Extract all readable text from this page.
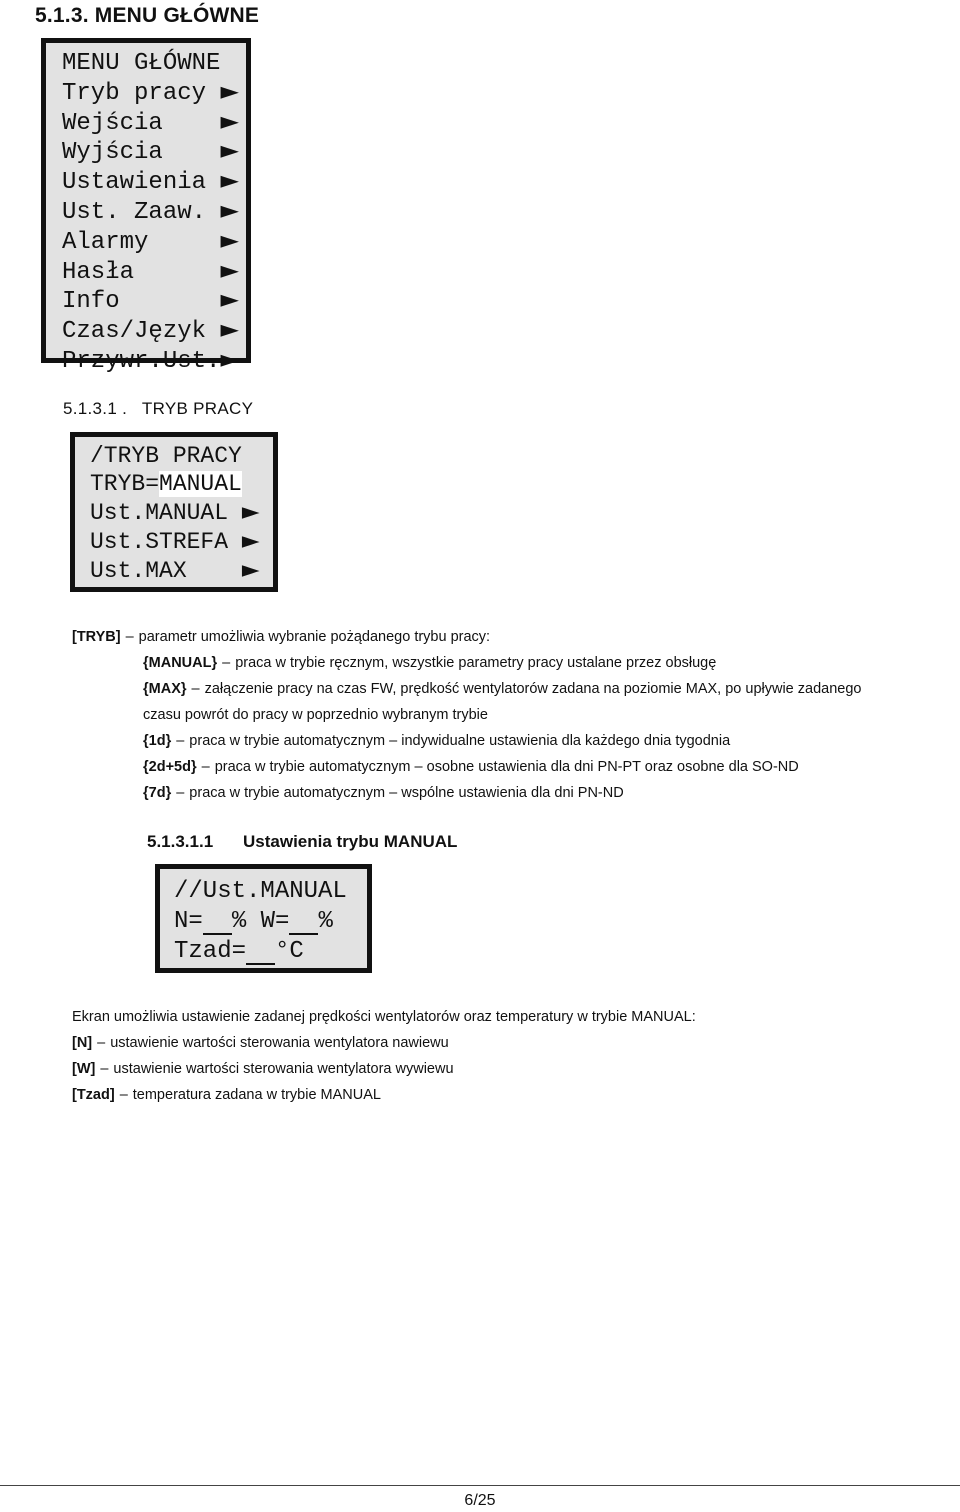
5.1.3. MENU GŁÓWNE
MENU GŁÓWNE
Tryb pracy ►
Wejścia    ►
Wyjścia    ►
Ustawienia ►
Ust. Zaaw. ►
Alarmy     ►
Hasła      ►
Info       ►
Czas/Język ►
Przywr.Ust.►
5.1.3.1 .   TRYB PRACY
/TRYB PRACY
TRYB=MANUAL
Ust.MANUAL ►
Ust.STREFA ►
Ust.MAX    ►
[TRYB] – parametr umożliwia wybranie pożądanego trybu pracy:
{MANUAL} – praca w trybie ręcznym, wszystkie parametry pracy ustalane przez obsługę
{MAX} – załączenie pracy na czas FW, prędkość wentylatorów zadana na poziomie MAX, po upływie zadanego
czasu powrót do pracy w poprzednio wybranym trybie
{1d} – praca w trybie automatycznym – indywidualne ustawienia dla każdego dnia tygodnia
{2d+5d} – praca w trybie automatycznym – osobne ustawienia dla dni PN-PT oraz osobne dla SO-ND
{7d} – praca w trybie automatycznym – wspólne ustawienia dla dni PN-ND
5.1.3.1.1 Ustawienia trybu MANUAL
//Ust.MANUAL
N= % W= %
Tzad= °C
Ekran umożliwia ustawienie zadanej prędkości wentylatorów oraz temperatury w trybie MANUAL:
[N] – ustawienie wartości sterowania wentylatora nawiewu
[W] – ustawienie wartości sterowania wentylatora wywiewu
[Tzad] – temperatura zadana w trybie MANUAL
6/25
